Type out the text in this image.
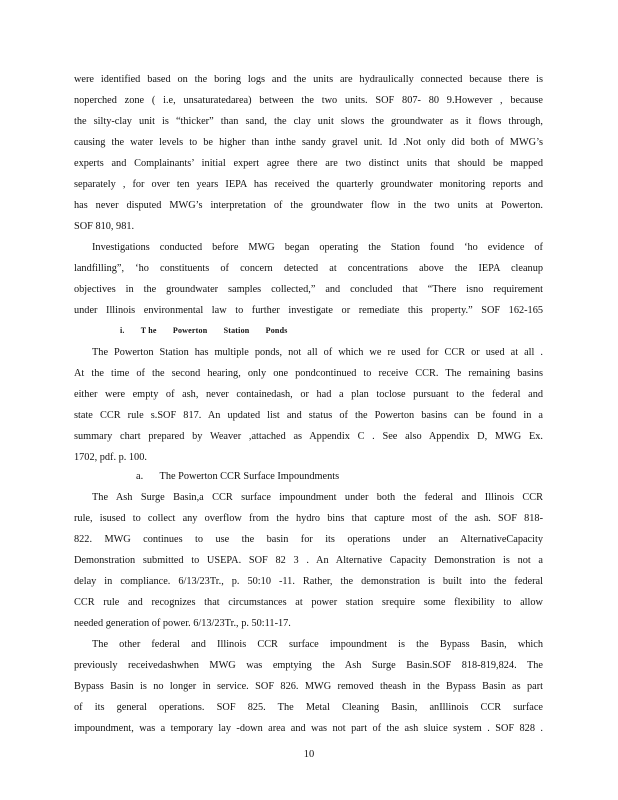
were identified based on the boring logs and the units are hydraulically connected because there is
noperched zone ( i.e, unsaturatedarea) between the two units. SOF 807- 80 9.However , because
the silty-clay unit is “thicker” than sand, the clay unit slows the groundwater as it flows through,
causing the water levels to be higher than inthe sandy gravel unit. Id .Not only did both of MWG’s
experts and Complainants’ initial expert agree there are two distinct units that should be mapped
separately , for over ten years IEPA has received the quarterly groundwater monitoring reports and
has never disputed MWG’s interpretation of the groundwater flow in the two units at Powerton.
SOF 810, 981.
Investigations conducted before MWG began operating the Station found ‘ho evidence of
landfilling”, ‘ho constituents of concern detected at concentrations above the IEPA cleanup
objectives in the groundwater samples collected,” and concluded that “There isno requirement
under Illinois environmental law to further investigate or remediate this property.” SOF 162-165
i. T he Powerton Station Ponds
The Powerton Station has multiple ponds, not all of which we re used for CCR or used at all .
At the time of the second hearing, only one pondcontinued to receive CCR. The remaining basins
either were empty of ash, never containedash, or had a plan toclose pursuant to the federal and
state CCR rule s.SOF 817. An updated list and status of the Powerton basins can be found in a
summary chart prepared by Weaver ,attached as Appendix C . See also Appendix D, MWG Ex.
1702, pdf. p. 100.
a. The Powerton CCR Surface Impoundments
The Ash Surge Basin,a CCR surface impoundment under both the federal and Illinois CCR
rule, isused to collect any overflow from the hydro bins that capture most of the ash. SOF 818-
822. MWG continues to use the basin for its operations under an AlternativeCapacity
Demonstration submitted to USEPA. SOF 82 3 . An Alternative Capacity Demonstration is not a
delay in compliance. 6/13/23Tr., p. 50:10 -11. Rather, the demonstration is built into the federal
CCR rule and recognizes that circumstances at power station srequire some flexibility to allow
needed generation of power. 6/13/23Tr., p. 50:11-17.
The other federal and Illinois CCR surface impoundment is the Bypass Basin, which
previously receivedashwhen MWG was emptying the Ash Surge Basin.SOF 818-819,824. The
Bypass Basin is no longer in service. SOF 826. MWG removed theash in the Bypass Basin as part
of its general operations. SOF 825. The Metal Cleaning Basin, anIllinois CCR surface
impoundment, was a temporary lay -down area and was not part of the ash sluice system . SOF 828 .
10
